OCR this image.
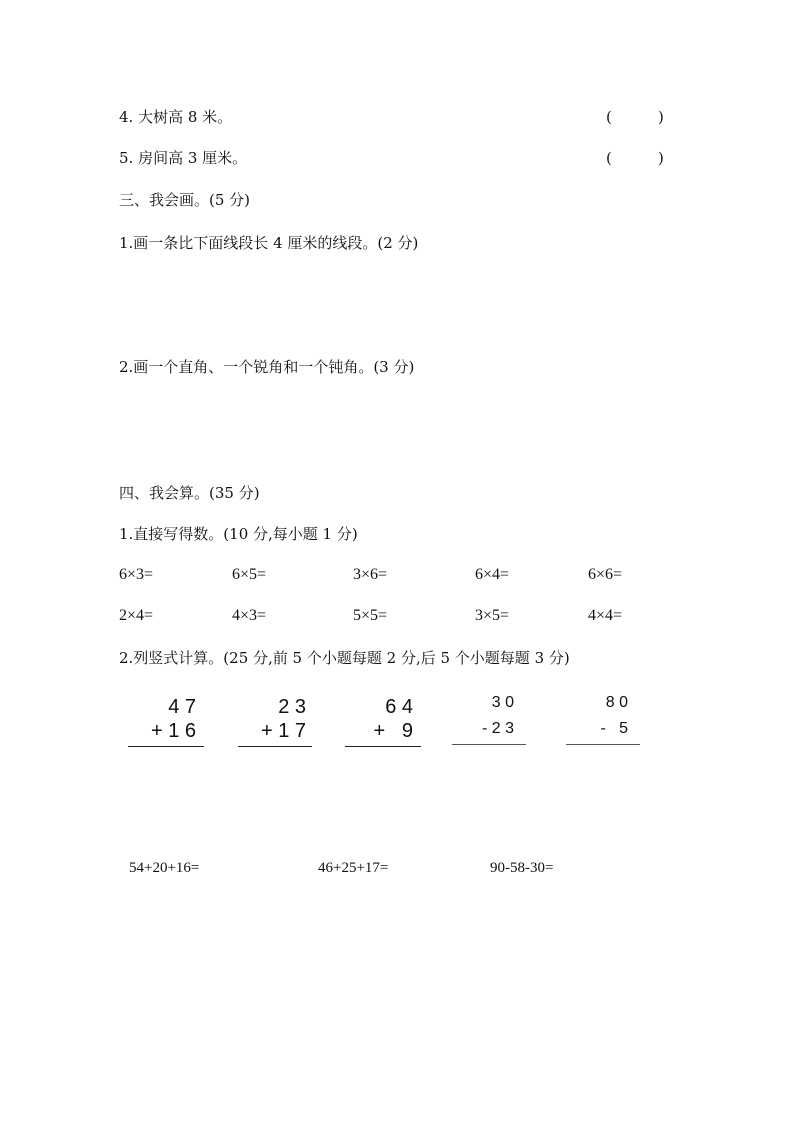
4. 大树高 8 米。	(	)
5. 房间高 3 厘米。	(	)
三、我会画。(5 分)
1.画一条比下面线段长 4 厘米的线段。(2 分)
2.画一个直角、一个锐角和一个钝角。(3 分)
四、我会算。(35 分)
1.直接写得数。(10 分,每小题 1 分)
6×3=	6×5=	3×6=	6×4=	6×6=
2×4=	4×3=	5×5=	3×5=	4×4=
2.列竖式计算。(25 分,前 5 个小题每题 2 分,后 5 个小题每题 3 分)
4 7
+ 1 6
2 3
+ 1 7
6 4
+   9
3 0
- 2 3
8 0
-   5
54+20+16=	46+25+17=	90-58-30=
